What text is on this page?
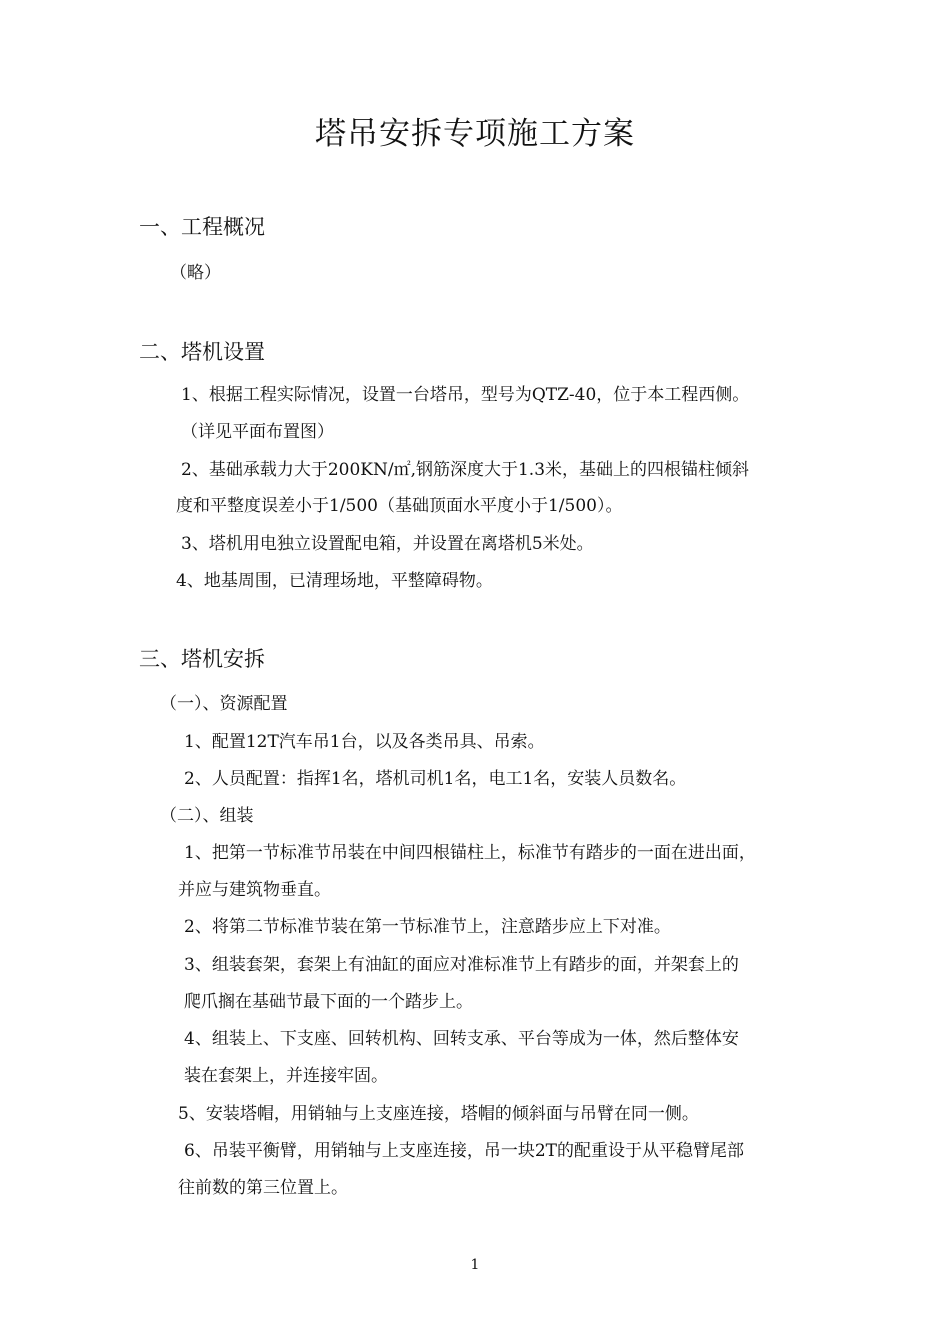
塔吊安拆专项施工方案
一、工程概况
（略）
二、塔机设置
1、根据工程实际情况，设置一台塔吊，型号为QTZ-40，位于本工程西侧。
（详见平面布置图）
2、基础承载力大于200KN/㎡,钢筋深度大于1.3米，基础上的四根锚柱倾斜
度和平整度误差小于1/500（基础顶面水平度小于1/500）。
3、塔机用电独立设置配电箱，并设置在离塔机5米处。
4、地基周围，已清理场地，平整障碍物。
三、塔机安拆
（一）、资源配置
1、配置12T汽车吊1台，以及各类吊具、吊索。
2、人员配置：指挥1名，塔机司机1名，电工1名，安装人员数名。
（二）、组装
1、把第一节标准节吊装在中间四根锚柱上，标准节有踏步的一面在进出面，
并应与建筑物垂直。
2、将第二节标准节装在第一节标准节上，注意踏步应上下对准。
3、组装套架，套架上有油缸的面应对准标准节上有踏步的面，并架套上的
爬爪搁在基础节最下面的一个踏步上。
4、组装上、下支座、回转机构、回转支承、平台等成为一体，然后整体安
装在套架上，并连接牢固。
5、安装塔帽，用销轴与上支座连接，塔帽的倾斜面与吊臂在同一侧。
6、吊装平衡臂，用销轴与上支座连接，吊一块2T的配重设于从平稳臂尾部
往前数的第三位置上。
1
